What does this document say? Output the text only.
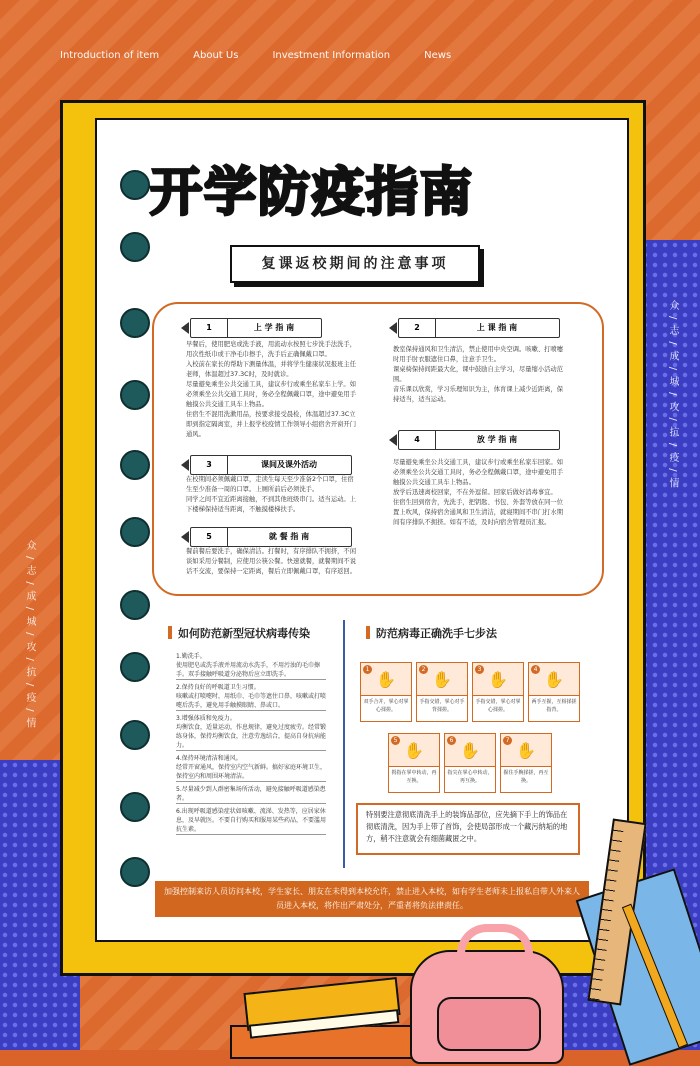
Introduction of item	About Us	Investment Information	News
众/志/成/城/攻/抗/疫/情
众/志/成/城/攻/抗/疫/情
开学防疫指南
复课返校期间的注意事项
1	上 学 指 南
早餐后，使用肥皂或洗手液，用流动水按照七步洗手法洗手，用次性纸巾或干净毛巾擦手，洗手后正确佩戴口罩。
入校前在家长的帮助下测量体温，并将学生健康状况报班主任老师，体温超过37.3C时，及时就诊。
尽量避免乘坐公共交通工具，建议步行或乘坐私家车上学。如必须乘坐公共交通工具时，务必全程佩戴口罩，途中避免用手触摸公共交通工具车上物品。
住宿生不混用洗漱用品，按要求接受晨检，体温超过37.3C立即到指定隔离室，并上报学校疫情工作领导小组宿舍开窗开门通风。
2	上 课 指 南
教室保持通风和卫生清洁，禁止使用中央空调。咳嗽、打喷嚏时用手肘衣服遮住口鼻，注意手卫生。
课桌椅保持间距最大化，课中鼓励自主学习，尽量缩小活动范围。
音乐课以欣赏，学习乐理知识为主，体育课上减少近距离，保持适当，适当运动。
3	课间及课外活动
在校期间必须佩戴口罩，走读生每天至少准备2个口罩，住宿生至少准备一周的口罩。上厕所前后必须洗手。
同学之间不宜近距离接触，不到其他班级串门。适当运动。上下楼梯保持适当距离，不触摸楼梯扶手。
4	放 学 指 南
尽量避免乘坐公共交通工具，建议步行或乘坐私家车回家。如必须乘坐公共交通工具时，务必全程佩戴口罩，途中避免用手触摸公共交通工具车上物品。
放学后迅速离校回家，不在外逗留。回家后做好消毒事宜。
住宿生回到宿舍，先洗手，把钥匙、书包、外套等放在同一位置上吹风，保持宿舍通风和卫生清洁，就寝期间不串门打水期间有序排队不拥挤。如有不适，及时向宿舍管理员汇报。
5	就 餐 指 南
餐前餐后要洗手，确保清洁。打餐时，有序排队不拥挤，不闲谈如采用分餐制，应使用公筷公餐。快速就餐，就餐期间不说话不交流，要保持一定距离，餐后立即佩戴口罩，有序返回。
如何防范新型冠状病毒传染
1.勤洗手。
使用肥皂或洗手液并用流动水洗手，不用污浊的毛巾擦手。双手接触呼吸道分泌物后应立即洗手。
2.保持良好的呼吸道卫生习惯。
咳嗽或打喷嚏时，用纸巾、毛巾等遮住口鼻，咳嗽或打喷嚏后洗手，避免用手触摸眼睛、鼻或口。
3.增强体质和免疫力。
均衡饮食，适量运动，作息规律，避免过度疲劳。经常锻练身体，保持均衡饮食，注意劳逸结合，提高自身抗病能力。
4.保持环境清洁和通风。
经常开窗通风，保持室内空气新鲜。搞好家庭环境卫生，保持室内和周围环境清洁。
5.尽量减少到人群密集场所活动，避免接触呼吸道感染患者。
6.出现呼吸道感染症状如咳嗽、流涕、发热等，应居家休息，及早就医。不要自行购买和服用某些药品，不要滥用抗生素。
防范病毒正确洗手七步法
1 ✋
双手合并，掌心对掌心揉搓。
2 ✋
手指交错，掌心对手背揉搓。
3 ✋
手指交错，掌心对掌心揉搓。
4 ✋
两手互握，互相揉搓指背。
5 ✋
拇指在掌中转动，再互换。
6 ✋
指尖在掌心中转动，再互换。
7 ✋
握住手腕揉搓，再互换。
特别要注意彻底清洗手上的装饰品部位，应先摘下手上的饰品在彻底清洗，因为手上带了首饰，会使局部形成一个藏污纳垢的地方，稍不注意就会有细菌藏匿之中。
加强控制来访人员访问本校，学生家长、朋友在未得到本校允许，禁止进入本校，如有学生老师未上报私自带人外来人员进入本校，将作出严肃处分，严重者将负法律责任。
